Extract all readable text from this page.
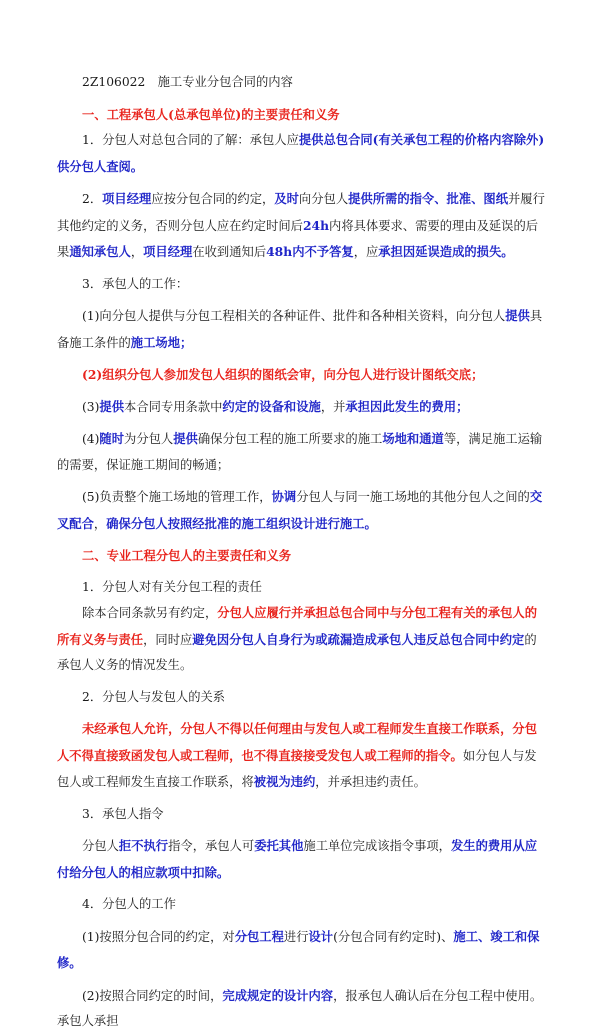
2Z106022　施工专业分包合同的内容

一、工程承包人(总承包单位)的主要责任和义务

1．分包人对总包合同的了解：承包人应提供总包合同(有关承包工程的价格内容除外)供分包人查阅。

2．项目经理应按分包合同的约定，及时向分包人提供所需的指令、批准、图纸并履行其他约定的义务，否则分包人应在约定时间后24h内将具体要求、需要的理由及延误的后果通知承包人，项目经理在收到通知后48h内不予答复，应承担因延误造成的损失。

3．承包人的工作：

(1)向分包人提供与分包工程相关的各种证件、批件和各种相关资料，向分包人提供具备施工条件的施工场地；

(2)组织分包人参加发包人组织的图纸会审，向分包人进行设计图纸交底；

(3)提供本合同专用条款中约定的设备和设施，并承担因此发生的费用；

(4)随时为分包人提供确保分包工程的施工所要求的施工场地和通道等，满足施工运输的需要，保证施工期间的畅通；

(5)负责整个施工场地的管理工作，协调分包人与同一施工场地的其他分包人之间的交叉配合，确保分包人按照经批准的施工组织设计进行施工。

二、专业工程分包人的主要责任和义务

1．分包人对有关分包工程的责任

除本合同条款另有约定，分包人应履行并承担总包合同中与分包工程有关的承包人的所有义务与责任，同时应避免因分包人自身行为或疏漏造成承包人违反总包合同中约定的承包人义务的情况发生。

2．分包人与发包人的关系

未经承包人允许，分包人不得以任何理由与发包人或工程师发生直接工作联系，分包人不得直接致函发包人或工程师，也不得直接接受发包人或工程师的指令。如分包人与发包人或工程师发生直接工作联系，将被视为违约，并承担违约责任。

3．承包人指令

分包人拒不执行指令，承包人可委托其他施工单位完成该指令事项，发生的费用从应付给分包人的相应款项中扣除。

4．分包人的工作

(1)按照分包合同的约定，对分包工程进行设计(分包合同有约定时)、施工、竣工和保修。

(2)按照合同约定的时间，完成规定的设计内容，报承包人确认后在分包工程中使用。承包人承担
